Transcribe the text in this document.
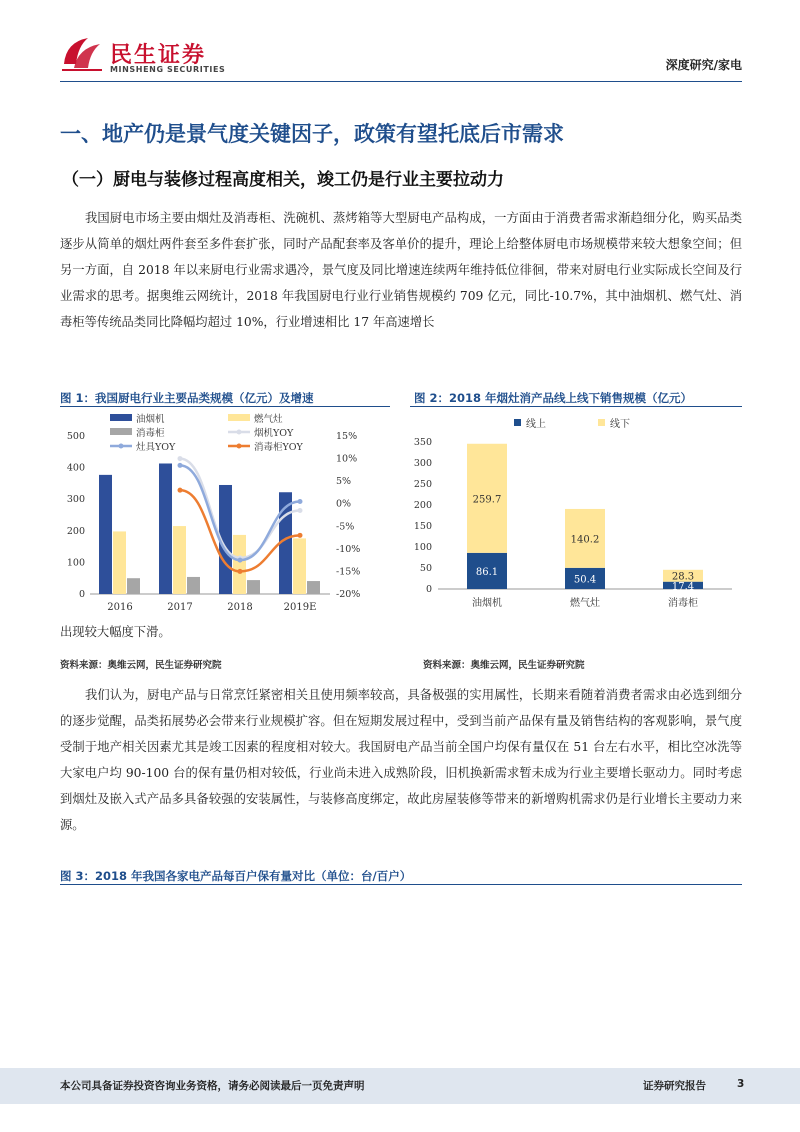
民生证券
MINSHENG SECURITIES	深度研究/家电
一、地产仍是景气度关键因子，政策有望托底后市需求
（一）厨电与装修过程高度相关，竣工仍是行业主要拉动力
我国厨电市场主要由烟灶及消毒柜、洗碗机、蒸烤箱等大型厨电产品构成，一方面由于消费者需求渐趋细分化，购买品类逐步从简单的烟灶两件套至多件套扩张，同时产品配套率及客单价的提升，理论上给整体厨电市场规模带来较大想象空间；但另一方面，自 2018 年以来厨电行业需求遇冷，景气度及同比增速连续两年维持低位徘徊，带来对厨电行业实际成长空间及行业需求的思考。据奥维云网统计，2018 年我国厨电行业行业销售规模约 709 亿元，同比-10.7%，其中油烟机、燃气灶、消毒柜等传统品类同比降幅均超过 10%，行业增速相比 17 年高速增长
图 1：我国厨电行业主要品类规模（亿元）及增速
0
100
200
300
400
500
-20%
-15%
-10%
-5%
0%
5%
10%
15%
2016	2017	2018	2019E
油烟机	燃气灶
消毒柜	烟机YOY
灶具YOY	消毒柜YOY
图 2：2018 年烟灶消产品线上线下销售规模（亿元）
0
50
100
150
200
250
300
350
油烟机
86.1
259.7
燃气灶
50.4
140.2
消毒柜
17.4
28.3
线上	线下
出现较大幅度下滑。
资料来源：奥维云网，民生证券研究院	资料来源：奥维云网，民生证券研究院
我们认为，厨电产品与日常烹饪紧密相关且使用频率较高，具备极强的实用属性，长期来看随着消费者需求由必选到细分的逐步觉醒，品类拓展势必会带来行业规模扩容。但在短期发展过程中，受到当前产品保有量及销售结构的客观影响，景气度受制于地产相关因素尤其是竣工因素的程度相对较大。我国厨电产品当前全国户均保有量仅在 51 台左右水平，相比空冰洗等大家电户均 90-100 台的保有量仍相对较低，行业尚未进入成熟阶段，旧机换新需求暂未成为行业主要增长驱动力。同时考虑到烟灶及嵌入式产品多具备较强的安装属性，与装修高度绑定，故此房屋装修等带来的新增购机需求仍是行业增长主要动力来源。
图 3：2018 年我国各家电产品每百户保有量对比（单位：台/百户）
本公司具备证券投资咨询业务资格，请务必阅读最后一页免责声明	证券研究报告	3
